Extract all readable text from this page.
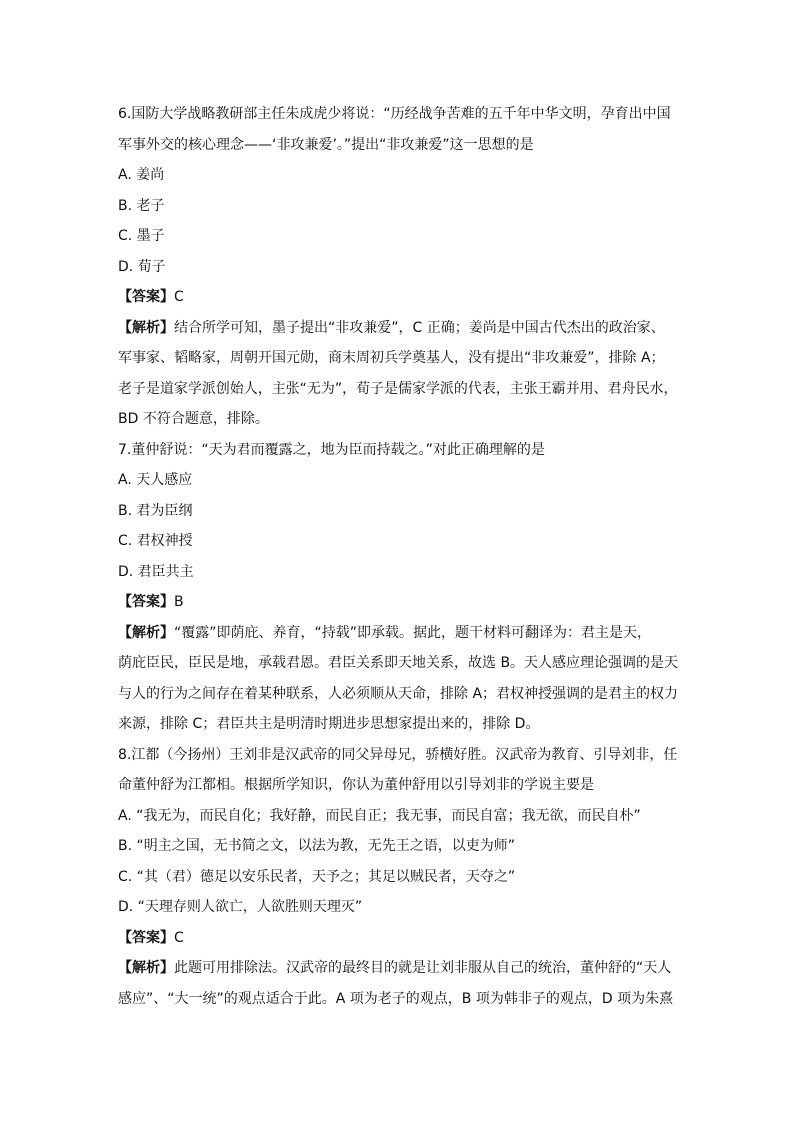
6.国防大学战略教研部主任朱成虎少将说：“历经战争苦难的五千年中华文明，孕育出中国
军事外交的核心理念——‘非攻兼爱’。”提出“非攻兼爱”这一思想的是
A. 姜尚
B. 老子
C. 墨子
D. 荀子
【答案】C
【解析】结合所学可知，墨子提出“非攻兼爱”，C 正确；姜尚是中国古代杰出的政治家、
军事家、韬略家，周朝开国元勋，商末周初兵学奠基人，没有提出“非攻兼爱”，排除 A；
老子是道家学派创始人，主张“无为”，荀子是儒家学派的代表，主张王霸并用、君舟民水，
BD 不符合题意，排除。
7.董仲舒说：“天为君而覆露之，地为臣而持载之。”对此正确理解的是
A. 天人感应
B. 君为臣纲
C. 君权神授
D. 君臣共主
【答案】B
【解析】“覆露”即荫庇、养育，“持载”即承载。据此，题干材料可翻译为：君主是天，
荫庇臣民，臣民是地，承载君恩。君臣关系即天地关系，故选 B。天人感应理论强调的是天
与人的行为之间存在着某种联系，人必须顺从天命，排除 A；君权神授强调的是君主的权力
来源，排除 C；君臣共主是明清时期进步思想家提出来的，排除 D。
8.江都（今扬州）王刘非是汉武帝的同父异母兄，骄横好胜。汉武帝为教育、引导刘非，任
命董仲舒为江都相。根据所学知识，你认为董仲舒用以引导刘非的学说主要是
A. “我无为，而民自化；我好静，而民自正；我无事，而民自富；我无欲，而民自朴”
B. “明主之国，无书简之文，以法为教，无先王之语，以吏为师”
C. “其（君）德足以安乐民者，天予之；其足以贼民者，天夺之”
D. “天理存则人欲亡，人欲胜则天理灭”
【答案】C
【解析】此题可用排除法。汉武帝的最终目的就是让刘非服从自己的统治，董仲舒的“天人
感应”、“大一统”的观点适合于此。A 项为老子的观点，B 项为韩非子的观点，D 项为朱熹
